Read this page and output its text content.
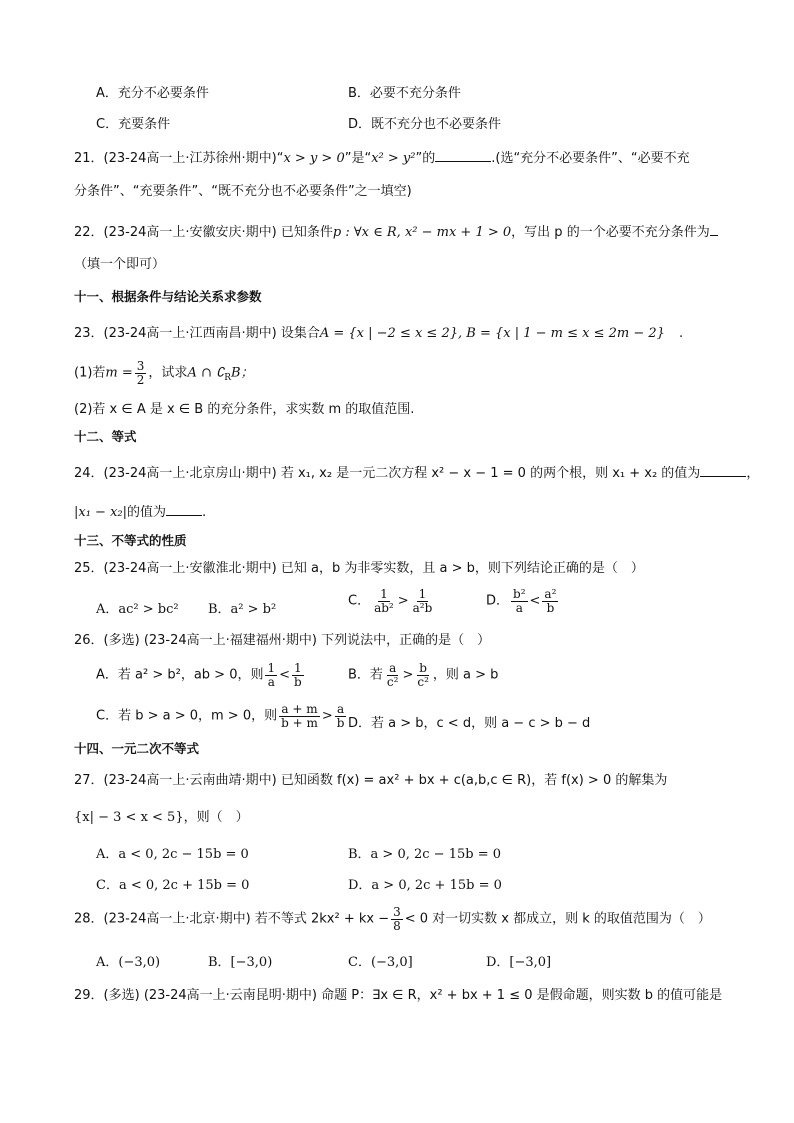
A．充分不必要条件	B．必要不充分条件
C．充要条件	D．既不充分也不必要条件
21．(23-24高一上·江苏徐州·期中)“x > y > 0”是“x² > y²”的	.(选“充分不必要条件”、“必要不充
分条件”、“充要条件”、“既不充分也不必要条件”之一填空)
22．(23-24高一上·安徽安庆·期中) 已知条件p : ∀x ∈ R, x² − mx + 1 > 0，写出 p 的一个必要不充分条件为
（填一个即可）
十一、根据条件与结论关系求参数
23．(23-24高一上·江西南昌·期中) 设集合A = {x | −2 ≤ x ≤ 2}, B = {x | 1 − m ≤ x ≤ 2m − 2} .
(1)若$m = \frac{3}{2}$ ，试求A ∩ $∁_RB$；
(2)若 x ∈ A 是 x ∈ B 的充分条件，求实数 m 的取值范围.
十二、等式
24．(23-24高一上·北京房山·期中) 若 x₁, x₂ 是一元二次方程 x² − x − 1 = 0 的两个根，则 x₁ + x₂ 的值为	，
|x₁ − x₂|的值为	.
十三、不等式的性质
25．(23-24高一上·安徽淮北·期中) 已知 a，b 为非零实数，且 a > b，则下列结论正确的是（　）
A．ac² > bc² B．a² > b²
C． $\frac{1}{\text{ab²}} > \frac{1}{\text{a²b}}$	D． $\frac{\text{b²}}{a} < \frac{\text{a²}}{b}$
26．(多选) (23-24高一上·福建福州·期中) 下列说法中，正确的是（　）
A．若 a² > b²，ab > 0，则 $\frac{1}{a} < \frac{1}{b}$	B．若 $\frac{a}{\text{c²}} > \frac{b}{\text{c²}}$ ，则 a > b
C．若 b > a > 0，m > 0，则 $\frac{a + m}{b + m} > \frac{a}{b}$ D．若 a > b，c < d，则 a − c > b − d
十四、一元二次不等式
27．(23-24高一上·云南曲靖·期中) 已知函数 f(x) = ax² + bx + c(a,b,c ∈ R)，若 f(x) > 0 的解集为
{x| − 3 < x < 5}，则（　）
A．a < 0, 2c − 15b = 0	B．a > 0, 2c − 15b = 0
C．a < 0, 2c + 15b = 0	D．a > 0, 2c + 15b = 0
28．(23-24高一上·北京·期中) 若不等式 2kx² + kx − $\frac{3}{8} < 0$ 对一切实数 x 都成立，则 k 的取值范围为（　）
A．(−3,0)	B．[−3,0)	C．(−3,0]	D．[−3,0]
29．(多选) (23-24高一上·云南昆明·期中) 命题 P：∃x ∈ R，x² + bx + 1 ≤ 0 是假命题，则实数 b 的值可能是
